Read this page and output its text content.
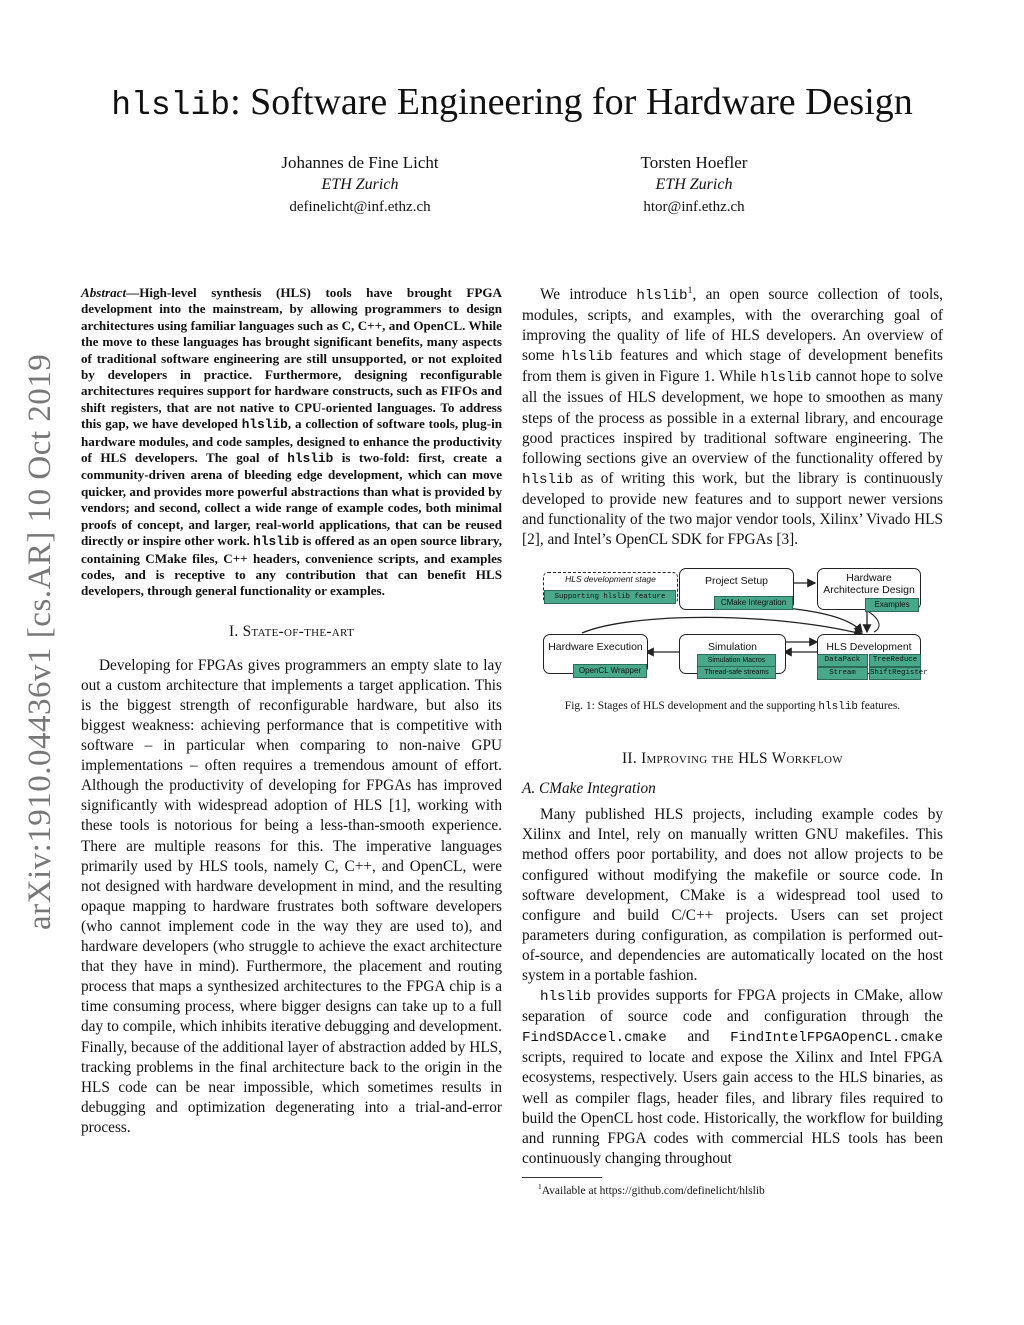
arXiv:1910.04436v1 [cs.AR] 10 Oct 2019
hlslib: Software Engineering for Hardware Design
Johannes de Fine Licht
ETH Zurich
definelicht@inf.ethz.ch
Torsten Hoefler
ETH Zurich
htor@inf.ethz.ch

Abstract—High-level synthesis (HLS) tools have brought FPGA development into the mainstream, by allowing programmers to design architectures using familiar languages such as C, C++, and OpenCL. While the move to these languages has brought significant benefits, many aspects of traditional software engineering are still unsupported, or not exploited by developers in practice. Furthermore, designing reconfigurable architectures requires support for hardware constructs, such as FIFOs and shift registers, that are not native to CPU-oriented languages. To address this gap, we have developed hlslib, a collection of software tools, plug-in hardware modules, and code samples, designed to enhance the productivity of HLS developers. The goal of hlslib is two-fold: first, create a community-driven arena of bleeding edge development, which can move quicker, and provides more powerful abstractions than what is provided by vendors; and second, collect a wide range of example codes, both minimal proofs of concept, and larger, real-world applications, that can be reused directly or inspire other work. hlslib is offered as an open source library, containing CMake files, C++ headers, convenience scripts, and examples codes, and is receptive to any contribution that can benefit HLS developers, through general functionality or examples.

I. State-of-the-art

Developing for FPGAs gives programmers an empty slate to lay out a custom architecture that implements a target application. This is the biggest strength of reconfigurable hardware, but also its biggest weakness: achieving performance that is competitive with software – in particular when comparing to non-naive GPU implementations – often requires a tremendous amount of effort. Although the productivity of developing for FPGAs has improved significantly with widespread adoption of HLS [1], working with these tools is notorious for being a less-than-smooth experience. There are multiple reasons for this. The imperative languages primarily used by HLS tools, namely C, C++, and OpenCL, were not designed with hardware development in mind, and the resulting opaque mapping to hardware frustrates both software developers (who cannot implement code in the way they are used to), and hardware developers (who struggle to achieve the exact architecture that they have in mind). Furthermore, the placement and routing process that maps a synthesized architectures to the FPGA chip is a time consuming process, where bigger designs can take up to a full day to compile, which inhibits iterative debugging and development. Finally, because of the additional layer of abstraction added by HLS, tracking problems in the final architecture back to the origin in the HLS code can be near impossible, which sometimes results in debugging and optimization degenerating into a trial-and-error process.

We introduce hlslib$^1$, an open source collection of tools, modules, scripts, and examples, with the overarching goal of improving the quality of life of HLS developers. An overview of some hlslib features and which stage of development benefits from them is given in Figure 1. While hlslib cannot hope to solve all the issues of HLS development, we hope to smoothen as many steps of the process as possible in a external library, and encourage good practices inspired by traditional software engineering. The following sections give an overview of the functionality offered by hlslib as of writing this work, but the library is continuously developed to provide new features and to support newer versions and functionality of the two major vendor tools, Xilinx’ Vivado HLS [2], and Intel’s OpenCL SDK for FPGAs [3].

HLS development stage
Supporting hlslib feature
Project Setup
CMake Integration
Hardware Architecture Design
Examples
Hardware Execution
OpenCL Wrapper
Simulation
Simulation Macros
Thread-safe streams
HLS Development
DataPack	TreeReduce
Stream	ShiftRegister
Fig. 1: Stages of HLS development and the supporting hlslib features.
II. Improving the HLS Workflow
A. CMake Integration

Many published HLS projects, including example codes by Xilinx and Intel, rely on manually written GNU makefiles. This method offers poor portability, and does not allow projects to be configured without modifying the makefile or source code. In software development, CMake is a widespread tool used to configure and build C/C++ projects. Users can set project parameters during configuration, as compilation is performed out-of-source, and dependencies are automatically located on the host system in a portable fashion.

hlslib provides supports for FPGA projects in CMake, allow separation of source code and configuration through the FindSDAccel.cmake and FindIntelFPGAOpenCL.cmake scripts, required to locate and expose the Xilinx and Intel FPGA ecosystems, respectively. Users gain access to the HLS binaries, as well as compiler flags, header files, and library files required to build the OpenCL host code. Historically, the workflow for building and running FPGA codes with commercial HLS tools has been continuously changing throughout

$^1$Available at https://github.com/definelicht/hlslib
